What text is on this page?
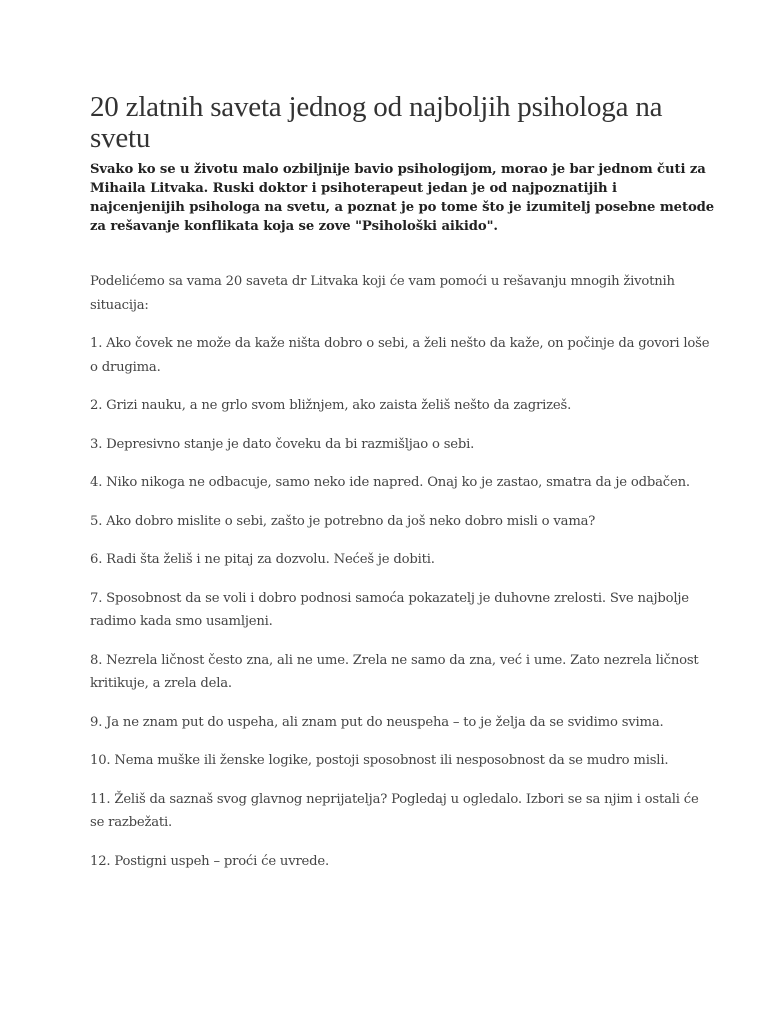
20 zlatnih saveta jednog od najboljih psihologa na svetu

Svako ko se u životu malo ozbiljnije bavio psihologijom, morao je bar jednom čuti za Mihaila Litvaka. Ruski doktor i psihoterapeut jedan je od najpoznatijih i najcenjenijih psihologa na svetu, a poznat je po tome što je izumitelj posebne metode za rešavanje konflikata koja se zove "Psihološki aikido".

Podelićemo sa vama 20 saveta dr Litvaka koji će vam pomoći u rešavanju mnogih životnih situacija:

1. Ako čovek ne može da kaže ništa dobro o sebi, a želi nešto da kaže, on počinje da govori loše o drugima.
2. Grizi nauku, a ne grlo svom bližnjem, ako zaista želiš nešto da zagrizeš.
3. Depresivno stanje je dato čoveku da bi razmišljao o sebi.
4. Niko nikoga ne odbacuje, samo neko ide napred. Onaj ko je zastao, smatra da je odbačen.
5. Ako dobro mislite o sebi, zašto je potrebno da još neko dobro misli o vama?
6. Radi šta želiš i ne pitaj za dozvolu. Nećeš je dobiti.
7. Sposobnost da se voli i dobro podnosi samoća pokazatelj je duhovne zrelosti. Sve najbolje radimo kada smo usamljeni.
8. Nezrela ličnost često zna, ali ne ume. Zrela ne samo da zna, već i ume. Zato nezrela ličnost kritikuje, a zrela dela.
9. Ja ne znam put do uspeha, ali znam put do neuspeha – to je želja da se svidimo svima.
10. Nema muške ili ženske logike, postoji sposobnost ili nesposobnost da se mudro misli.
11. Želiš da saznaš svog glavnog neprijatelja? Pogledaj u ogledalo. Izbori se sa njim i ostali će se razbežati.
12. Postigni uspeh – proći će uvrede.
